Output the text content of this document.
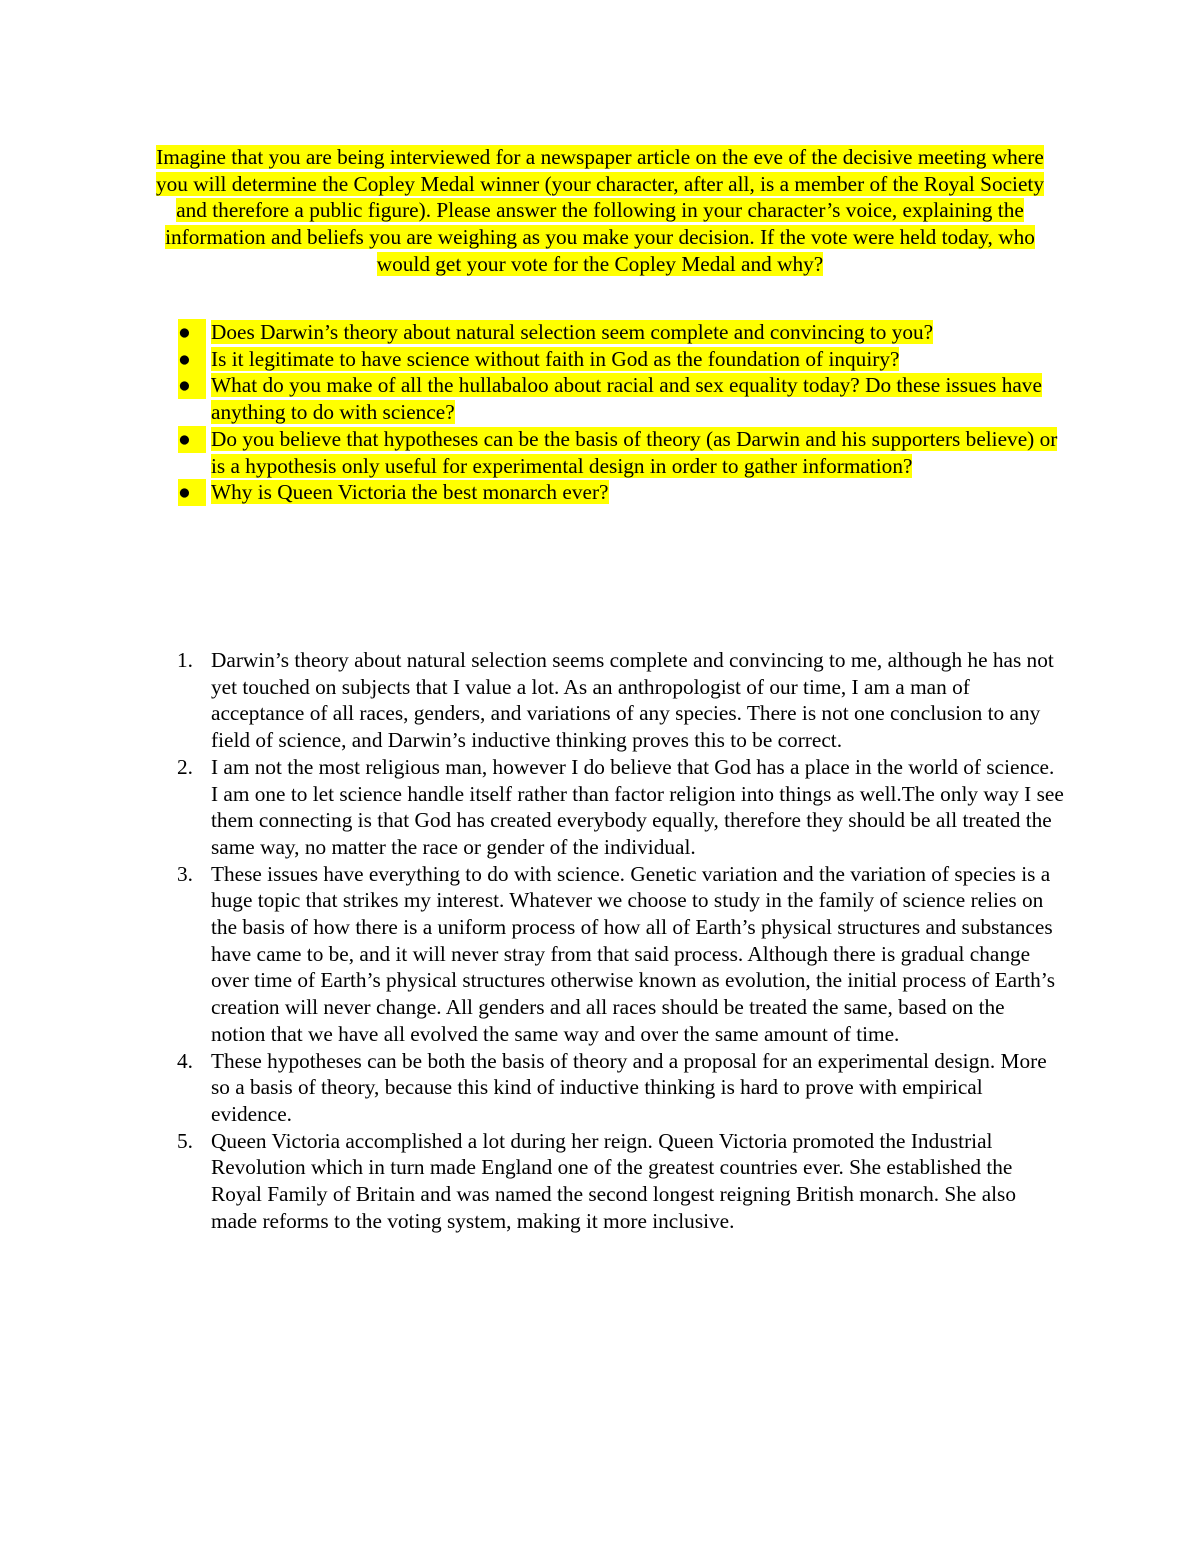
Imagine that you are being interviewed for a newspaper article on the eve of the decisive meeting where you will determine the Copley Medal winner (your character, after all, is a member of the Royal Society and therefore a public figure). Please answer the following in your character’s voice, explaining the information and beliefs you are weighing as you make your decision. If the vote were held today, who would get your vote for the Copley Medal and why?

● Does Darwin’s theory about natural selection seem complete and convincing to you?
● Is it legitimate to have science without faith in God as the foundation of inquiry?
● What do you make of all the hullabaloo about racial and sex equality today? Do these issues have anything to do with science?
● Do you believe that hypotheses can be the basis of theory (as Darwin and his supporters believe) or is a hypothesis only useful for experimental design in order to gather information?
● Why is Queen Victoria the best monarch ever?
1. Darwin’s theory about natural selection seems complete and convincing to me, although he has not yet touched on subjects that I value a lot. As an anthropologist of our time, I am a man of acceptance of all races, genders, and variations of any species. There is not one conclusion to any field of science, and Darwin’s inductive thinking proves this to be correct.
2. I am not the most religious man, however I do believe that God has a place in the world of science. I am one to let science handle itself rather than factor religion into things as well.The only way I see them connecting is that God has created everybody equally, therefore they should be all treated the same way, no matter the race or gender of the individual.
3. These issues have everything to do with science. Genetic variation and the variation of species is a huge topic that strikes my interest. Whatever we choose to study in the family of science relies on the basis of how there is a uniform process of how all of Earth’s physical structures and substances have came to be, and it will never stray from that said process. Although there is gradual change over time of Earth’s physical structures otherwise known as evolution, the initial process of Earth’s creation will never change. All genders and all races should be treated the same, based on the notion that we have all evolved the same way and over the same amount of time.
4. These hypotheses can be both the basis of theory and a proposal for an experimental design. More so a basis of theory, because this kind of inductive thinking is hard to prove with empirical evidence.
5. Queen Victoria accomplished a lot during her reign. Queen Victoria promoted the Industrial Revolution which in turn made England one of the greatest countries ever. She established the Royal Family of Britain and was named the second longest reigning British monarch. She also made reforms to the voting system, making it more inclusive.
